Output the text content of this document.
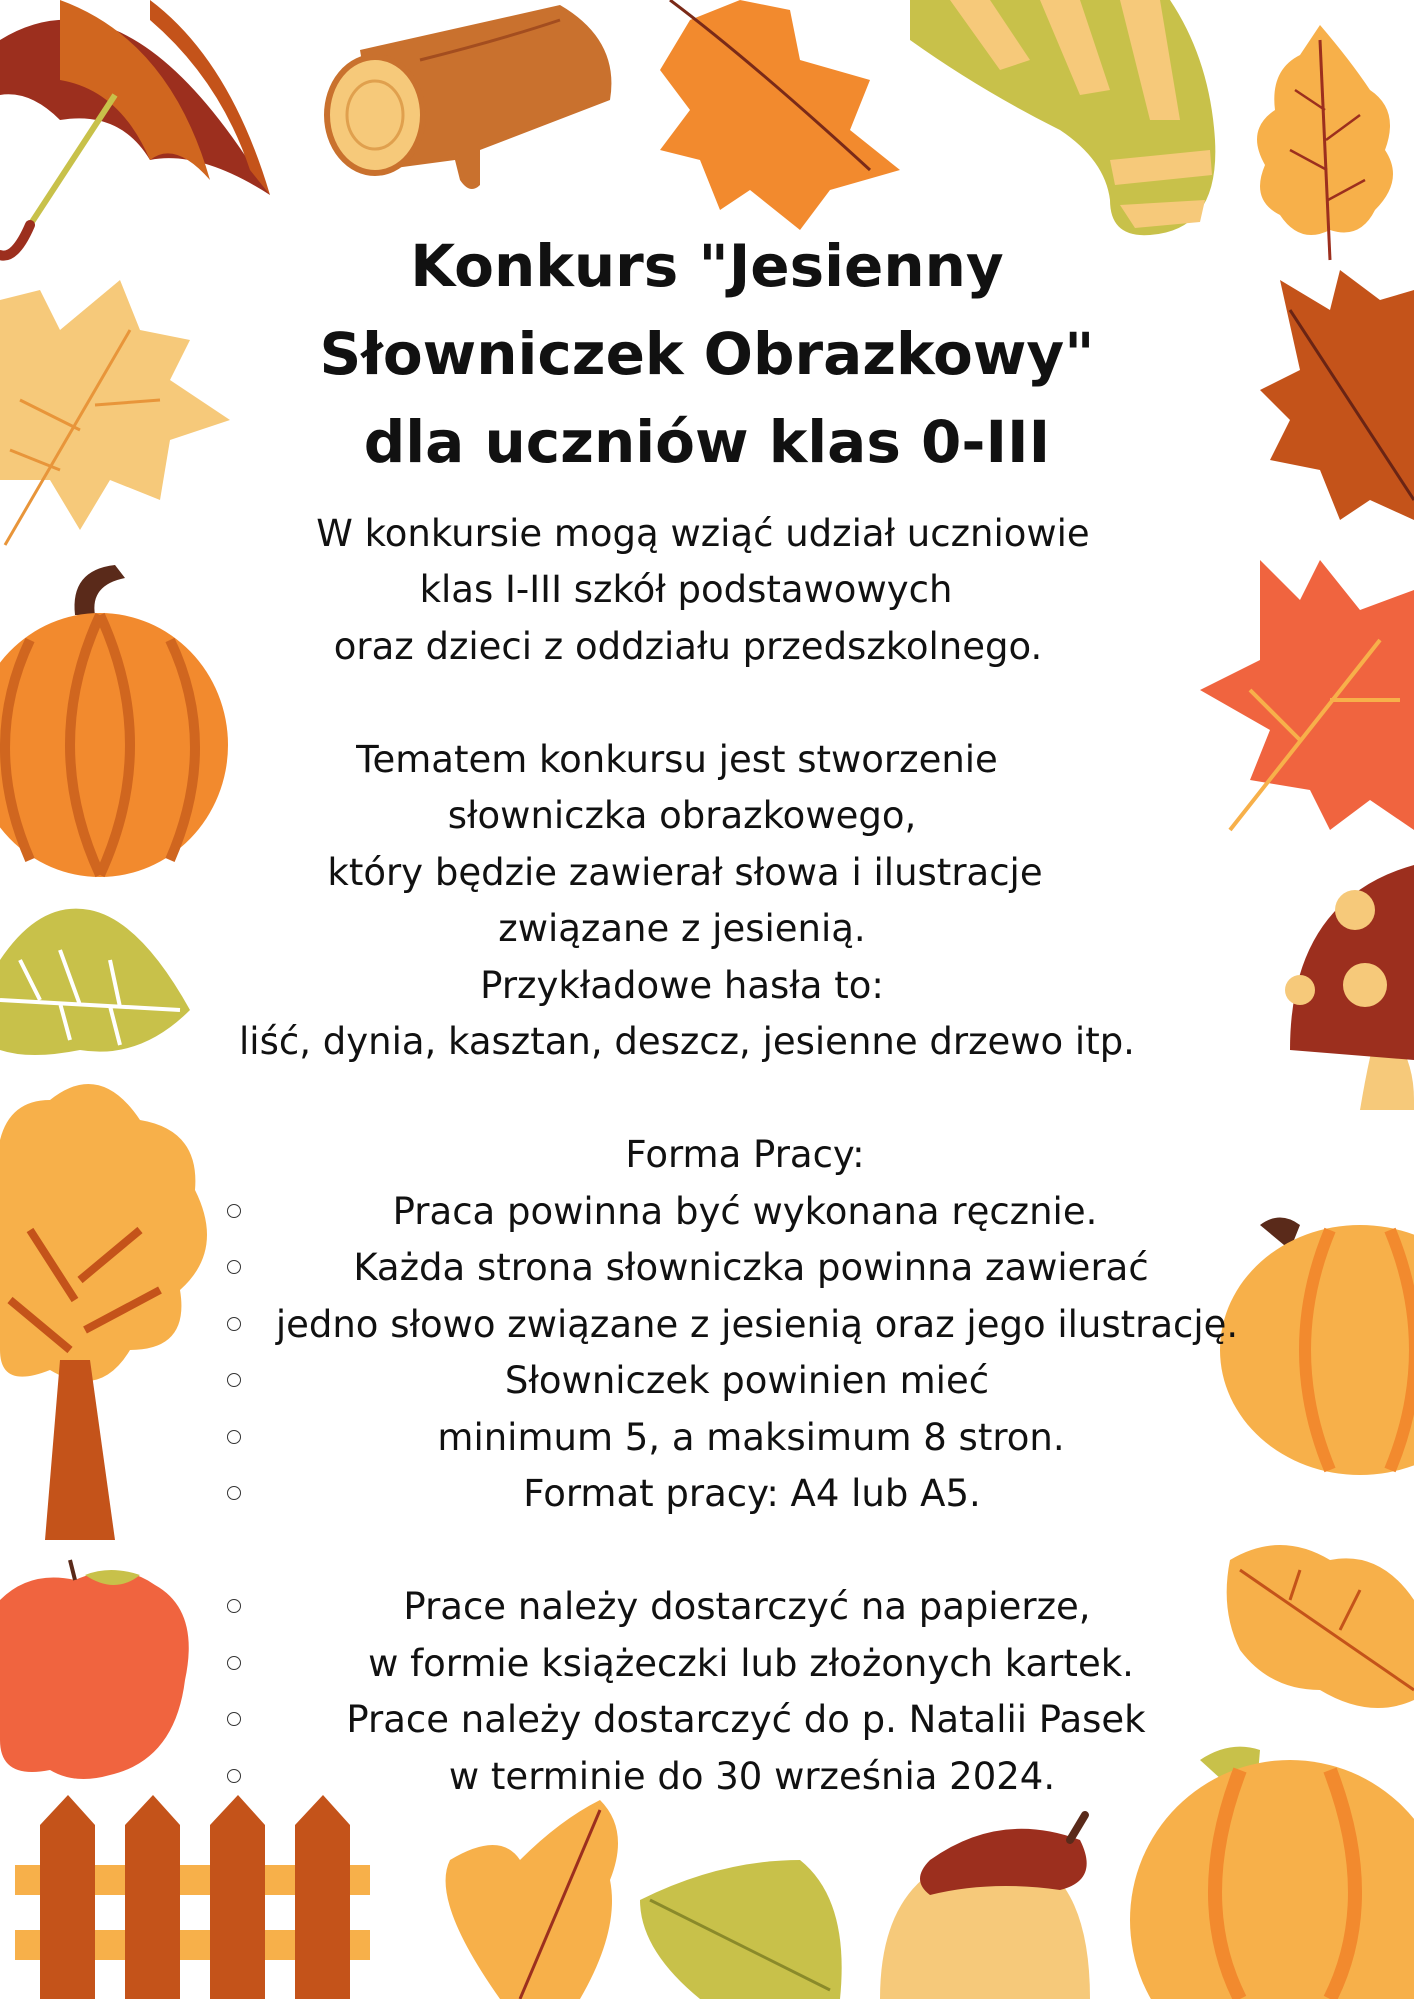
Konkurs "Jesienny
Słowniczek Obrazkowy"
dla uczniów klas 0-III
W konkursie mogą wziąć udział uczniowie
klas I-III szkół podstawowych
oraz dzieci z oddziału przedszkolnego.
Tematem konkursu jest stworzenie
słowniczka obrazkowego,
który będzie zawierał słowa i ilustracje
związane z jesienią.
Przykładowe hasła to:
liść, dynia, kasztan, deszcz, jesienne drzewo itp.
Forma Pracy:
Praca powinna być wykonana ręcznie.
Każda strona słowniczka powinna zawierać
jedno słowo związane z jesienią oraz jego ilustrację.
Słowniczek powinien mieć
minimum 5, a maksimum 8 stron.
Format pracy: A4 lub A5.
Prace należy dostarczyć na papierze,
w formie książeczki lub złożonych kartek.
Prace należy dostarczyć do p. Natalii Pasek
w terminie do 30 września 2024.
